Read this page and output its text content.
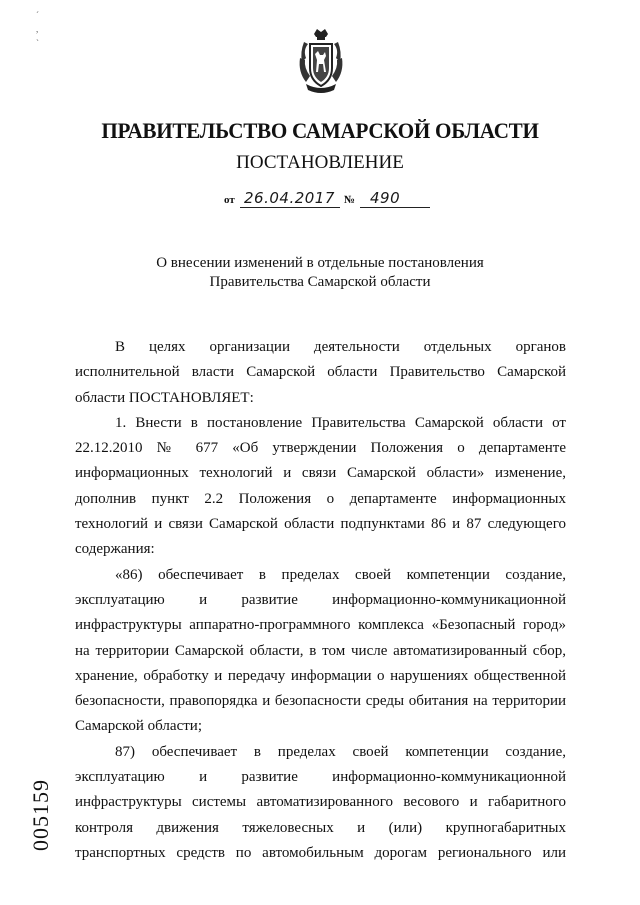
´
,
`
ПРАВИТЕЛЬСТВО САМАРСКОЙ ОБЛАСТИ
ПОСТАНОВЛЕНИЕ
от 26.04.2017 № 490
О внесении изменений в отдельные постановления
Правительства Самарской области
В целях организации деятельности отдельных органов
исполнительной власти Самарской области Правительство Самарской
области ПОСТАНОВЛЯЕТ:
1. Внести в постановление Правительства Самарской области от
22.12.2010 № 677 «Об утверждении Положения о департаменте
информационных технологий и связи Самарской области» изменение,
дополнив пункт 2.2 Положения о департаменте информационных
технологий и связи Самарской области подпунктами 86 и 87 следующего
содержания:
«86) обеспечивает в пределах своей компетенции создание,
эксплуатацию и развитие информационно-коммуникационной
инфраструктуры аппаратно-программного комплекса «Безопасный город»
на территории Самарской области, в том числе автоматизированный сбор,
хранение, обработку и передачу информации о нарушениях общественной
безопасности, правопорядка и безопасности среды обитания на территории
Самарской области;
87) обеспечивает в пределах своей компетенции создание,
эксплуатацию и развитие информационно-коммуникационной
инфраструктуры системы автоматизированного весового и габаритного
контроля движения тяжеловесных и (или) крупногабаритных
транспортных средств по автомобильным дорогам регионального или
005159
